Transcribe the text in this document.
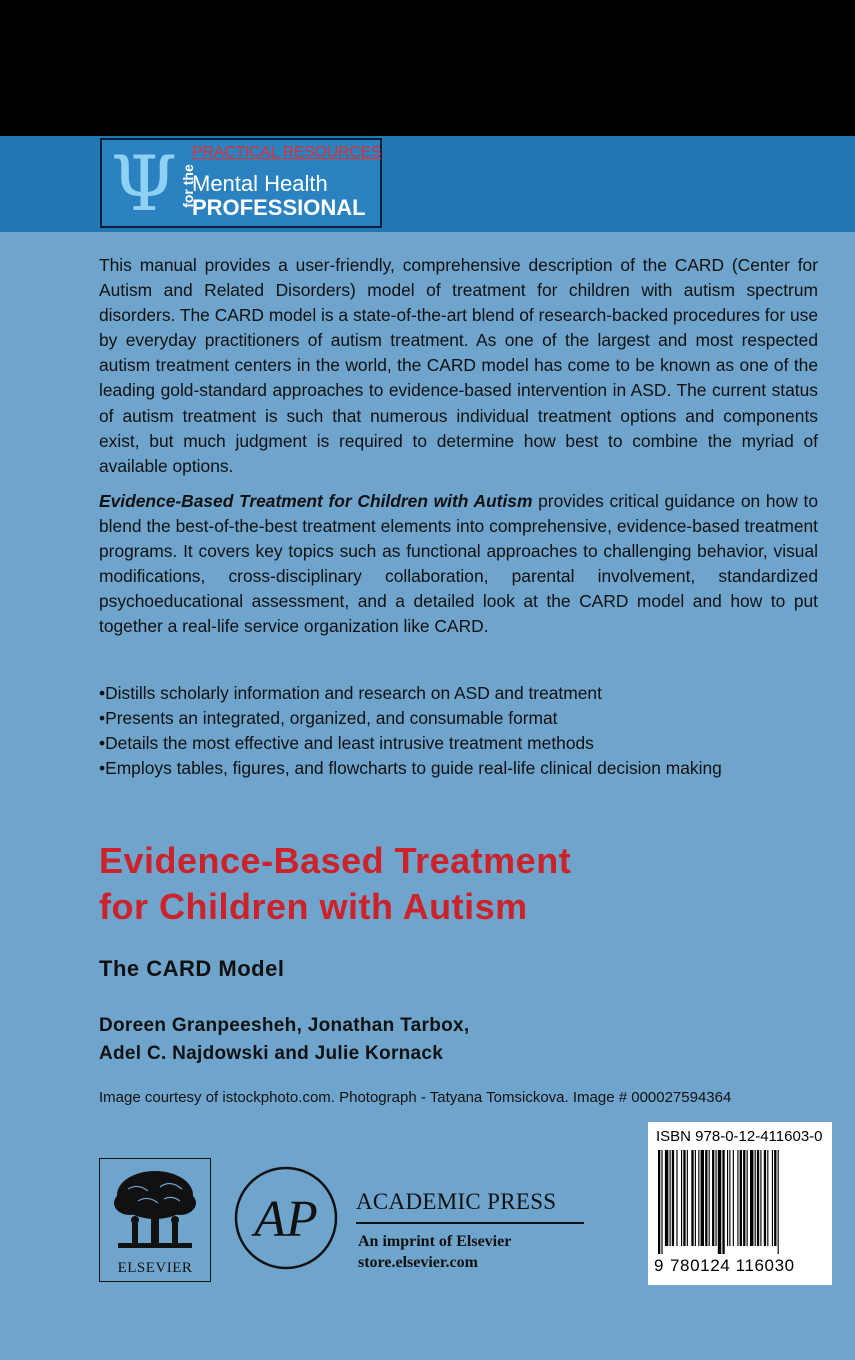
Ψ for the
PRACTICAL RESOURCES
Mental Health
PROFESSIONAL

This manual provides a user-friendly, comprehensive description of the CARD (Center for Autism and Related Disorders) model of treatment for children with autism spectrum disorders. The CARD model is a state-of-the-art blend of research-backed procedures for use by everyday practitioners of autism treatment. As one of the largest and most respected autism treatment centers in the world, the CARD model has come to be known as one of the leading gold-standard approaches to evidence-based intervention in ASD. The current status of autism treatment is such that numerous individual treatment options and components exist, but much judgment is required to determine how best to combine the myriad of available options.

Evidence-Based Treatment for Children with Autism provides critical guidance on how to blend the best-of-the-best treatment elements into comprehensive, evidence-based treatment programs. It covers key topics such as functional approaches to challenging behavior, visual modifications, cross-disciplinary collaboration, parental involvement, standardized psychoeducational assessment, and a detailed look at the CARD model and how to put together a real-life service organization like CARD.

•Distills scholarly information and research on ASD and treatment
•Presents an integrated, organized, and consumable format
•Details the most effective and least intrusive treatment methods
•Employs tables, figures, and flowcharts to guide real-life clinical decision making
Evidence-Based Treatment
for Children with Autism
The CARD Model
Doreen Granpeesheh, Jonathan Tarbox,
Adel C. Najdowski and Julie Kornack
Image courtesy of istockphoto.com. Photograph - Tatyana Tomsickova. Image # 000027594364
ELSEVIER
AP ACADEMIC PRESS
An imprint of Elsevier
store.elsevier.com
ISBN 978-0-12-411603-0
9 780124 116030
